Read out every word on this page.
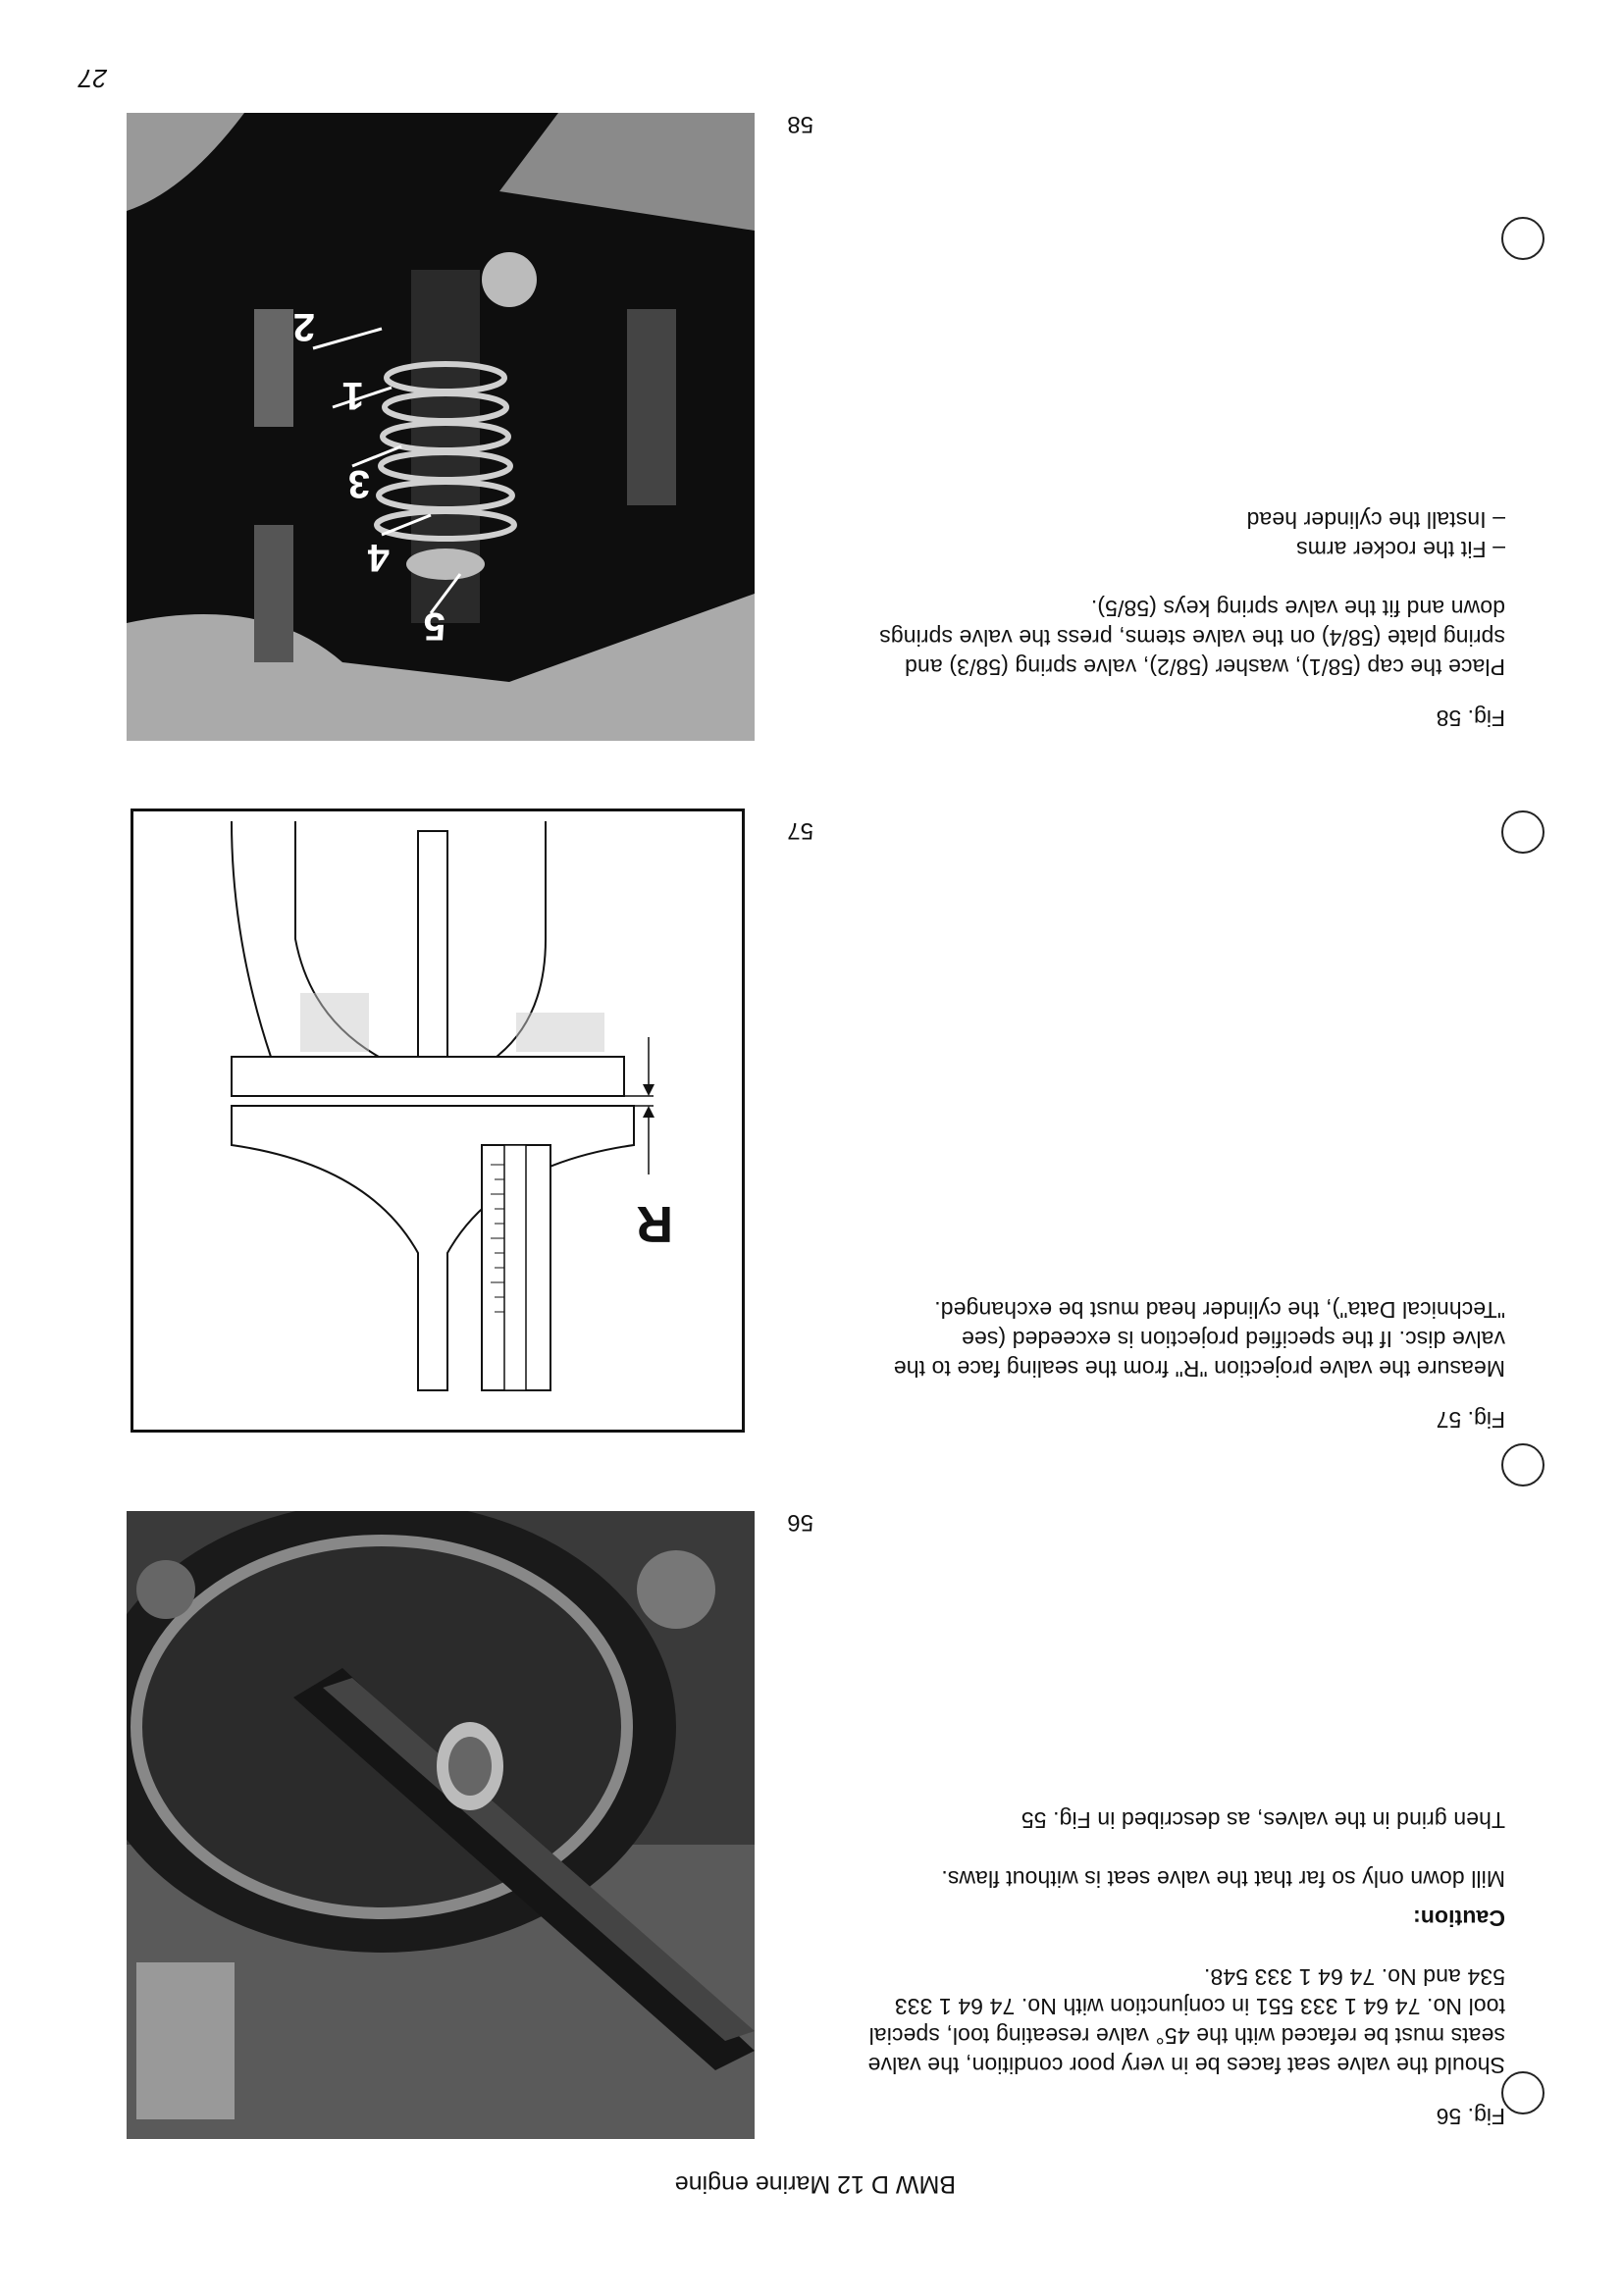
BMW D 12 Marine engine
Fig. 56

Should the valve seat faces be in very poor condition, the valve seats must be refaced with the 45° valve reseating tool, special tool No. 74 64 1 333 551 in conjunction with No. 74 64 1 333 534 and No. 74 64 1 333 548.

Caution:

Mill down only so far that the valve seat is without flaws.

Then grind in the valves, as described in Fig. 55

56
Fig. 57

Measure the valve projection "R" from the sealing face to the valve disc. If the specified projection is exceeded (see "Technical Data"), the cylinder head must be exchanged.

R
57
Fig. 58

Place the cap (58/1), washer (58/2), valve spring (58/3) and spring plate (58/4) on the valve stems, press the valve springs down and fit the valve spring keys (58/5).

– Fit the rocker arms
– Install the cylinder head
5
4
3
1
2
58
27
